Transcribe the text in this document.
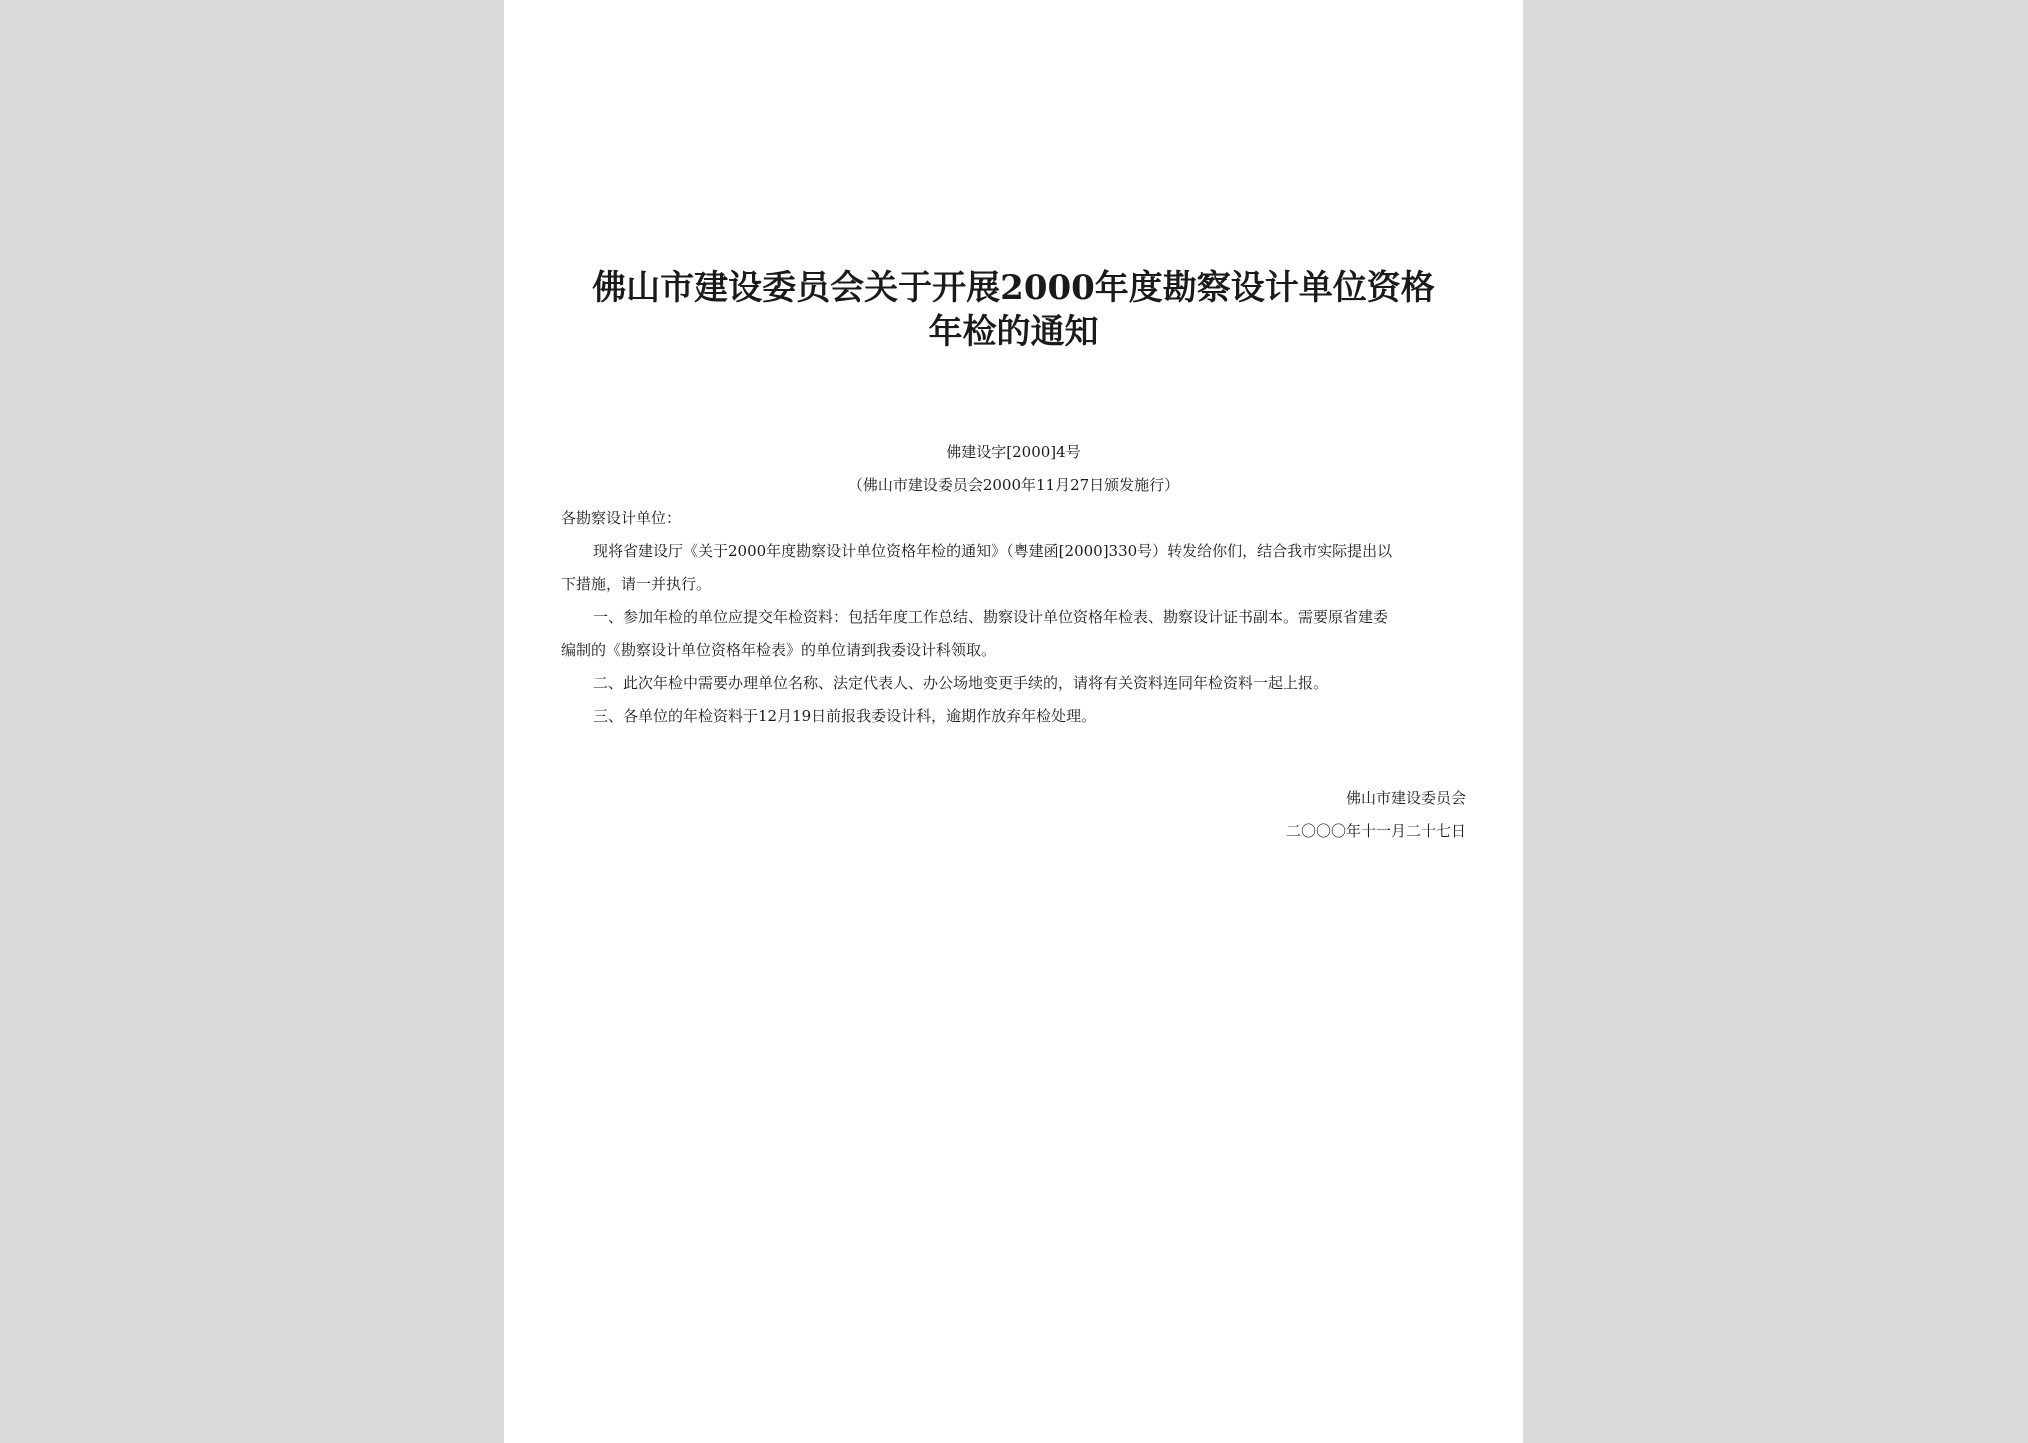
佛山市建设委员会关于开展2000年度勘察设计单位资格
年检的通知
佛建设字[2000]4号
（佛山市建设委员会2000年11月27日颁发施行）
各勘察设计单位：
现将省建设厅《关于2000年度勘察设计单位资格年检的通知》（粤建函[2000]330号）转发给你们，结合我市实际提出以
下措施，请一并执行。
一、参加年检的单位应提交年检资料：包括年度工作总结、勘察设计单位资格年检表、勘察设计证书副本。需要原省建委
编制的《勘察设计单位资格年检表》的单位请到我委设计科领取。
二、此次年检中需要办理单位名称、法定代表人、办公场地变更手续的，请将有关资料连同年检资料一起上报。
三、各单位的年检资料于12月19日前报我委设计科，逾期作放弃年检处理。
佛山市建设委员会
二〇〇〇年十一月二十七日
